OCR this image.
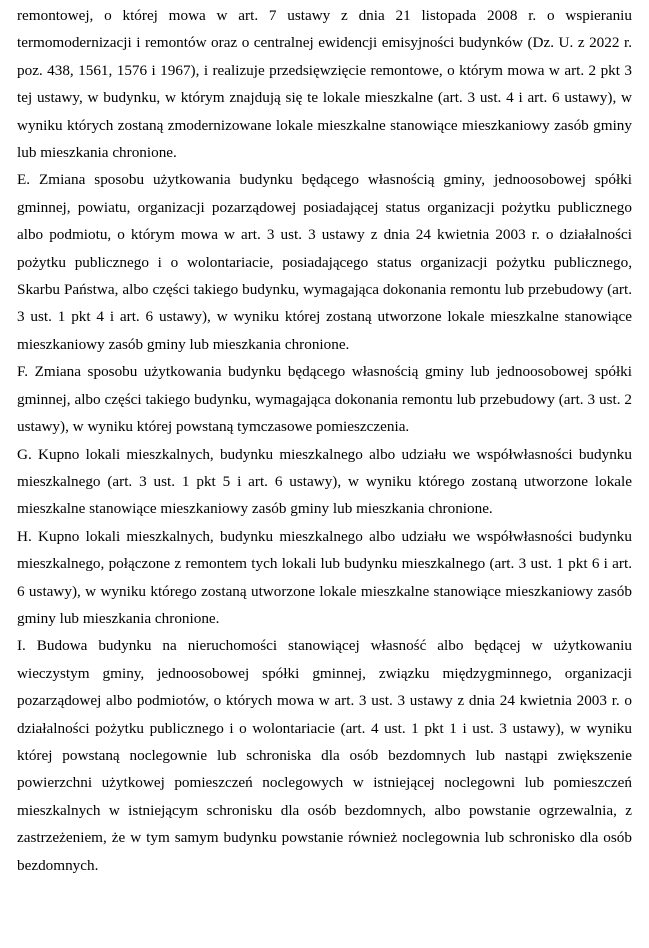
remontowej, o której mowa w art. 7 ustawy z dnia 21 listopada 2008 r. o wspieraniu termomodernizacji i remontów oraz o centralnej ewidencji emisyjności budynków (Dz. U. z 2022 r. poz. 438, 1561, 1576 i 1967), i realizuje przedsięwzięcie remontowe, o którym mowa w art. 2 pkt 3 tej ustawy, w budynku, w którym znajdują się te lokale mieszkalne (art. 3 ust. 4 i art. 6 ustawy), w wyniku których zostaną zmodernizowane lokale mieszkalne stanowiące mieszkaniowy zasób gminy lub mieszkania chronione.

E. Zmiana sposobu użytkowania budynku będącego własnością gminy, jednoosobowej spółki gminnej, powiatu, organizacji pozarządowej posiadającej status organizacji pożytku publicznego albo podmiotu, o którym mowa w art. 3 ust. 3 ustawy z dnia 24 kwietnia 2003 r. o działalności pożytku publicznego i o wolontariacie, posiadającego status organizacji pożytku publicznego, Skarbu Państwa, albo części takiego budynku, wymagająca dokonania remontu lub przebudowy (art. 3 ust. 1 pkt 4 i art. 6 ustawy), w wyniku której zostaną utworzone lokale mieszkalne stanowiące mieszkaniowy zasób gminy lub mieszkania chronione.

F. Zmiana sposobu użytkowania budynku będącego własnością gminy lub jednoosobowej spółki gminnej, albo części takiego budynku, wymagająca dokonania remontu lub przebudowy (art. 3 ust. 2 ustawy), w wyniku której powstaną tymczasowe pomieszczenia.

G. Kupno lokali mieszkalnych, budynku mieszkalnego albo udziału we współwłasności budynku mieszkalnego (art. 3 ust. 1 pkt 5 i art. 6 ustawy), w wyniku którego zostaną utworzone lokale mieszkalne stanowiące mieszkaniowy zasób gminy lub mieszkania chronione.

H. Kupno lokali mieszkalnych, budynku mieszkalnego albo udziału we współwłasności budynku mieszkalnego, połączone z remontem tych lokali lub budynku mieszkalnego (art. 3 ust. 1 pkt 6 i art. 6 ustawy), w wyniku którego zostaną utworzone lokale mieszkalne stanowiące mieszkaniowy zasób gminy lub mieszkania chronione.

I. Budowa budynku na nieruchomości stanowiącej własność albo będącej w użytkowaniu wieczystym gminy, jednoosobowej spółki gminnej, związku międzygminnego, organizacji pozarządowej albo podmiotów, o których mowa w art. 3 ust. 3 ustawy z dnia 24 kwietnia 2003 r. o działalności pożytku publicznego i o wolontariacie (art. 4 ust. 1 pkt 1 i ust. 3 ustawy), w wyniku której powstaną noclegownie lub schroniska dla osób bezdomnych lub nastąpi zwiększenie powierzchni użytkowej pomieszczeń noclegowych w istniejącej noclegowni lub pomieszczeń mieszkalnych w istniejącym schronisku dla osób bezdomnych, albo powstanie ogrzewalnia, z zastrzeżeniem, że w tym samym budynku powstanie również noclegownia lub schronisko dla osób bezdomnych.
